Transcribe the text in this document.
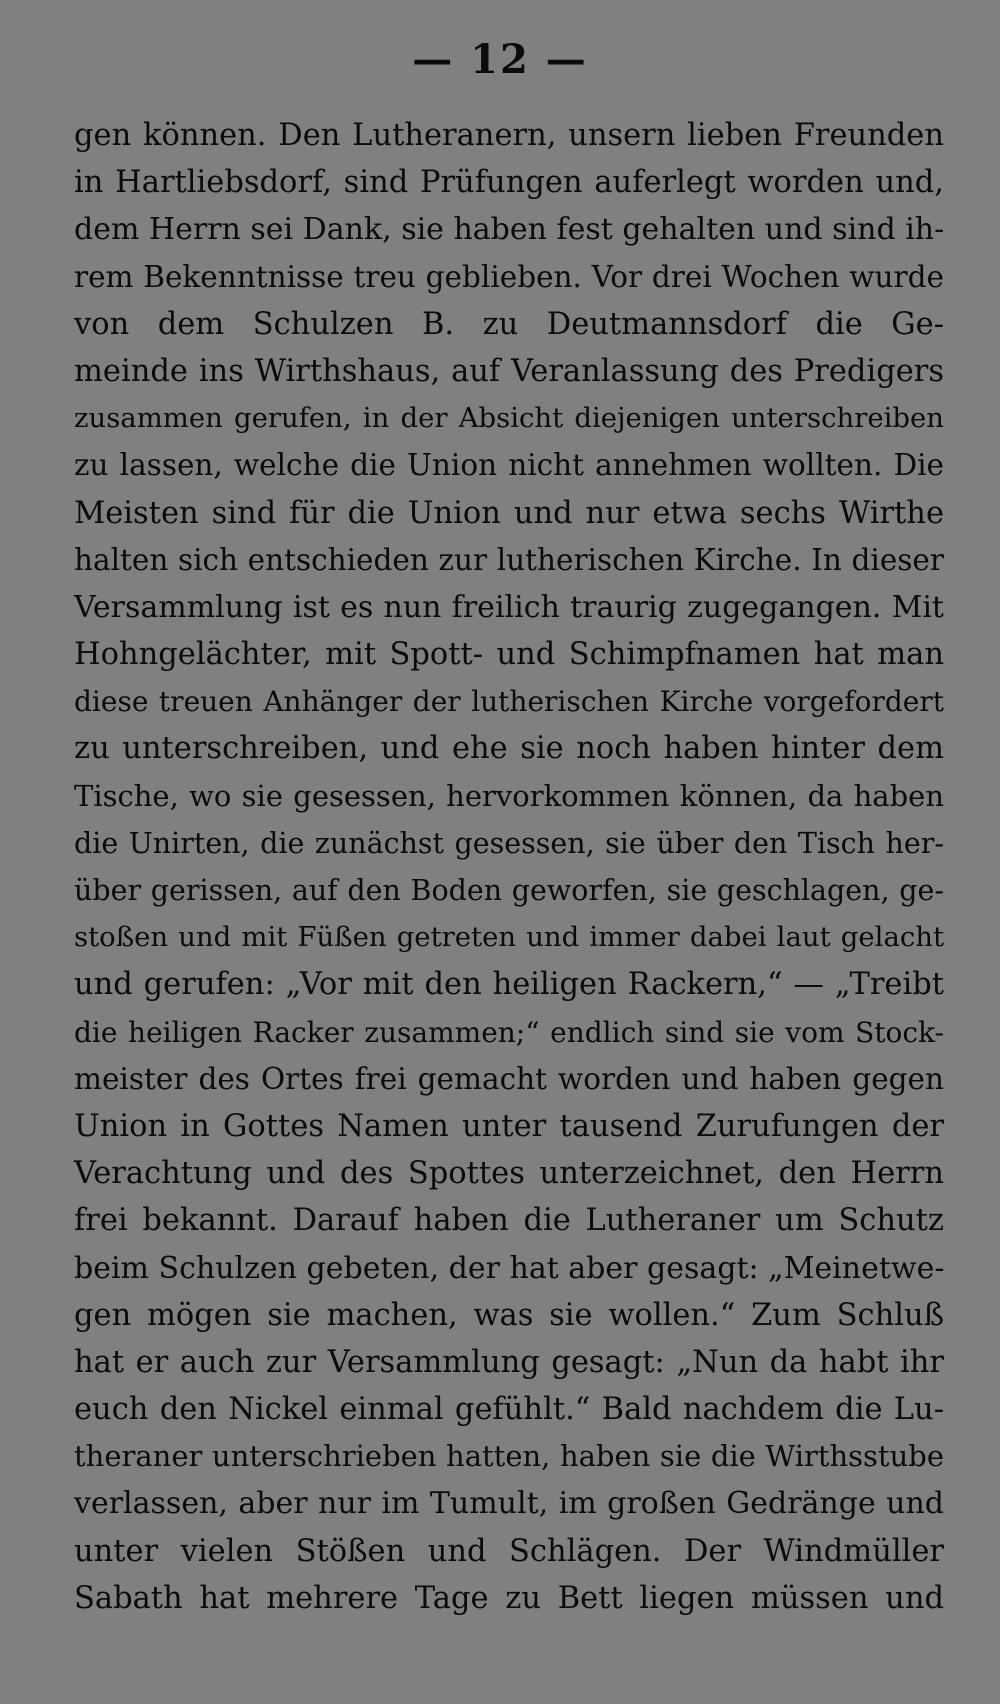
— 12 —
gen können. Den Lutheranern, unsern lieben Freunden
in Hartliebsdorf, sind Prüfungen auferlegt worden und,
dem Herrn sei Dank, sie haben fest gehalten und sind ih-
rem Bekenntnisse treu geblieben. Vor drei Wochen wurde
von dem Schulzen B. zu Deutmannsdorf die Ge-
meinde ins Wirthshaus, auf Veranlassung des Predigers
zusammen gerufen, in der Absicht diejenigen unterschreiben
zu lassen, welche die Union nicht annehmen wollten. Die
Meisten sind für die Union und nur etwa sechs Wirthe
halten sich entschieden zur lutherischen Kirche. In dieser
Versammlung ist es nun freilich traurig zugegangen. Mit
Hohngelächter, mit Spott- und Schimpfnamen hat man
diese treuen Anhänger der lutherischen Kirche vorgefordert
zu unterschreiben, und ehe sie noch haben hinter dem
Tische, wo sie gesessen, hervorkommen können, da haben
die Unirten, die zunächst gesessen, sie über den Tisch her-
über gerissen, auf den Boden geworfen, sie geschlagen, ge-
stoßen und mit Füßen getreten und immer dabei laut gelacht
und gerufen: „Vor mit den heiligen Rackern,“ — „Treibt
die heiligen Racker zusammen;“ endlich sind sie vom Stock-
meister des Ortes frei gemacht worden und haben gegen
Union in Gottes Namen unter tausend Zurufungen der
Verachtung und des Spottes unterzeichnet, den Herrn
frei bekannt. Darauf haben die Lutheraner um Schutz
beim Schulzen gebeten, der hat aber gesagt: „Meinetwe-
gen mögen sie machen, was sie wollen.“ Zum Schluß
hat er auch zur Versammlung gesagt: „Nun da habt ihr
euch den Nickel einmal gefühlt.“ Bald nachdem die Lu-
theraner unterschrieben hatten, haben sie die Wirthsstube
verlassen, aber nur im Tumult, im großen Gedränge und
unter vielen Stößen und Schlägen. Der Windmüller
Sabath hat mehrere Tage zu Bett liegen müssen und
